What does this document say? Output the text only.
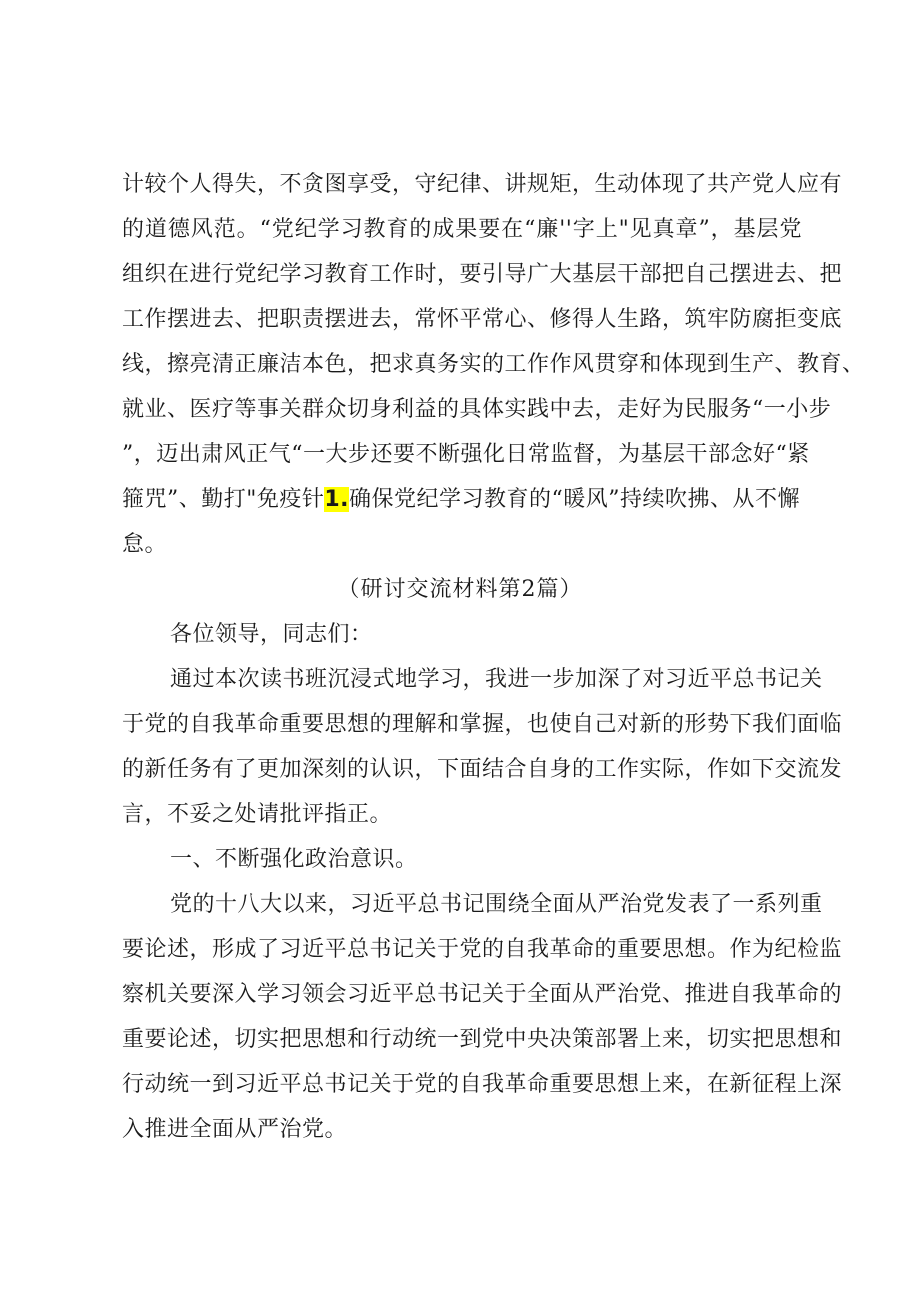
计较个人得失，不贪图享受，守纪律、讲规矩，生动体现了共产党人应有
的道德风范。“党纪学习教育的成果要在“廉''字上"见真章”，基层党
组织在进行党纪学习教育工作时，要引导广大基层干部把自己摆进去、把
工作摆进去、把职责摆进去，常怀平常心、修得人生路，筑牢防腐拒变底
线，擦亮清正廉洁本色，把求真务实的工作作风贯穿和体现到生产、教育、
就业、医疗等事关群众切身利益的具体实践中去，走好为民服务“一小步
”，迈出肃风正气“一大步还要不断强化日常监督，为基层干部念好“紧
箍咒”、勤打"免疫针1.确保党纪学习教育的“暖风”持续吹拂、从不懈
怠。
（研讨交流材料第2篇）
各位领导，同志们：
通过本次读书班沉浸式地学习，我进一步加深了对习近平总书记关
于党的自我革命重要思想的理解和掌握，也使自己对新的形势下我们面临
的新任务有了更加深刻的认识，下面结合自身的工作实际，作如下交流发
言，不妥之处请批评指正。
一、不断强化政治意识。
党的十八大以来，习近平总书记围绕全面从严治党发表了一系列重
要论述，形成了习近平总书记关于党的自我革命的重要思想。作为纪检监
察机关要深入学习领会习近平总书记关于全面从严治党、推进自我革命的
重要论述，切实把思想和行动统一到党中央决策部署上来，切实把思想和
行动统一到习近平总书记关于党的自我革命重要思想上来，在新征程上深
入推进全面从严治党。
